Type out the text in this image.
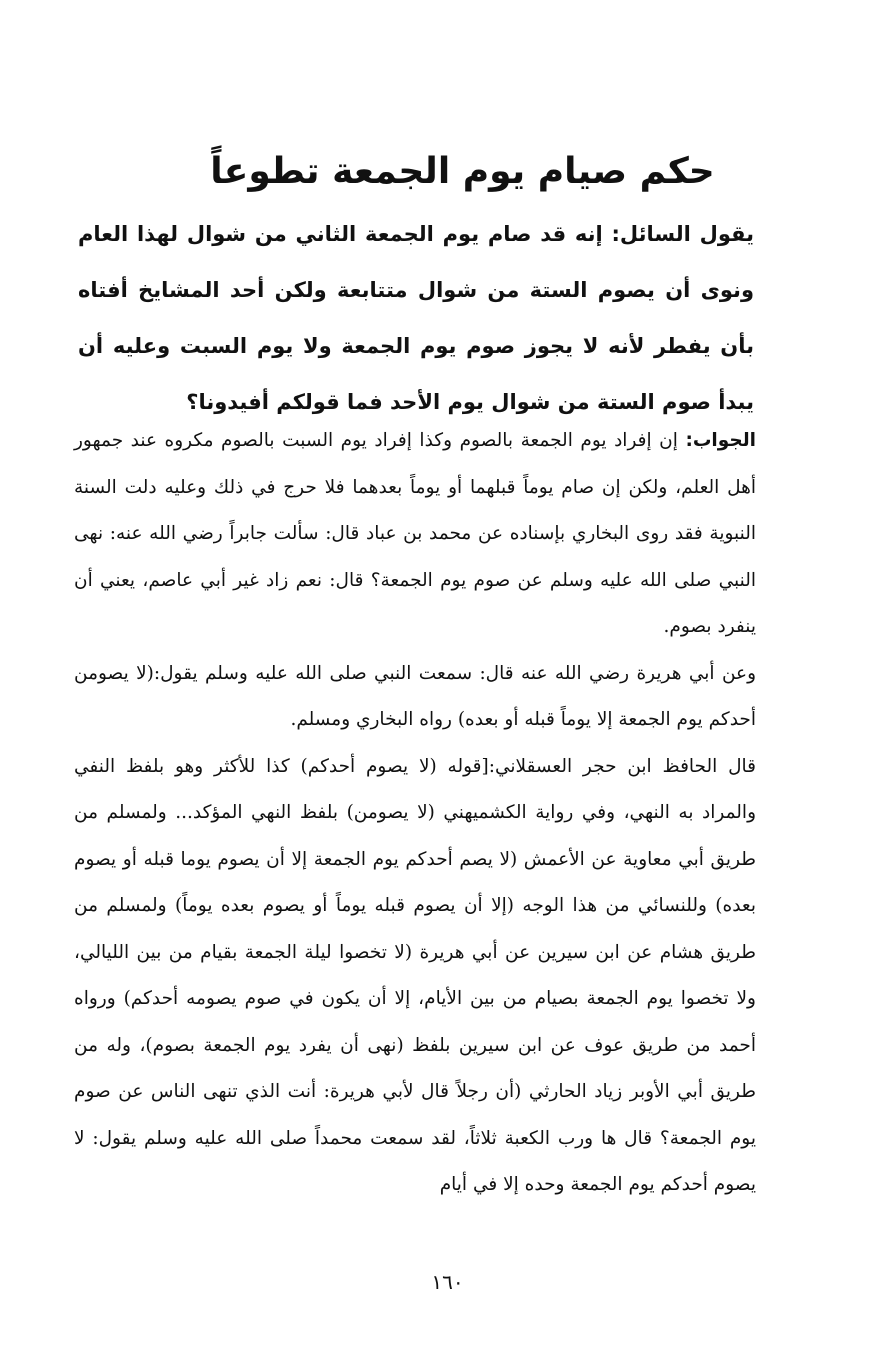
حكم صيام يوم الجمعة تطوعاً

يقول السائل: إنه قد صام يوم الجمعة الثاني من شوال لهذا العام ونوى أن يصوم الستة من شوال متتابعة ولكن أحد المشايخ أفتاه بأن يفطر لأنه لا يجوز صوم يوم الجمعة ولا يوم السبت وعليه أن يبدأ صوم الستة من شوال يوم الأحد فما قولكم أفيدونا؟

الجواب: إن إفراد يوم الجمعة بالصوم وكذا إفراد يوم السبت بالصوم مكروه عند جمهور أهل العلم، ولكن إن صام يوماً قبلهما أو يوماً بعدهما فلا حرج في ذلك وعليه دلت السنة النبوية فقد روى البخاري بإسناده عن محمد بن عباد قال: سألت جابراً رضي الله عنه: نهى النبي صلى الله عليه وسلم عن صوم يوم الجمعة؟ قال: نعم زاد غير أبي عاصم، يعني أن ينفرد بصوم.

وعن أبي هريرة رضي الله عنه قال: سمعت النبي صلى الله عليه وسلم يقول:(لا يصومن أحدكم يوم الجمعة إلا يوماً قبله أو بعده) رواه البخاري ومسلم.

قال الحافظ ابن حجر العسقلاني:[قوله (لا يصوم أحدكم) كذا للأكثر وهو بلفظ النفي والمراد به النهي، وفي رواية الكشميهني (لا يصومن) بلفظ النهي المؤكد... ولمسلم من طريق أبي معاوية عن الأعمش (لا يصم أحدكم يوم الجمعة إلا أن يصوم يوما قبله أو يصوم بعده) وللنسائي من هذا الوجه (إلا أن يصوم قبله يوماً أو يصوم بعده يوماً) ولمسلم من طريق هشام عن ابن سيرين عن أبي هريرة (لا تخصوا ليلة الجمعة بقيام من بين الليالي، ولا تخصوا يوم الجمعة بصيام من بين الأيام، إلا أن يكون في صوم يصومه أحدكم) ورواه أحمد من طريق عوف عن ابن سيرين بلفظ (نهى أن يفرد يوم الجمعة بصوم)، وله من طريق أبي الأوبر زياد الحارثي (أن رجلاً قال لأبي هريرة: أنت الذي تنهى الناس عن صوم يوم الجمعة؟ قال ها ورب الكعبة ثلاثاً، لقد سمعت محمداً صلى الله عليه وسلم يقول: لا يصوم أحدكم يوم الجمعة وحده إلا في أيام

١٦٠
